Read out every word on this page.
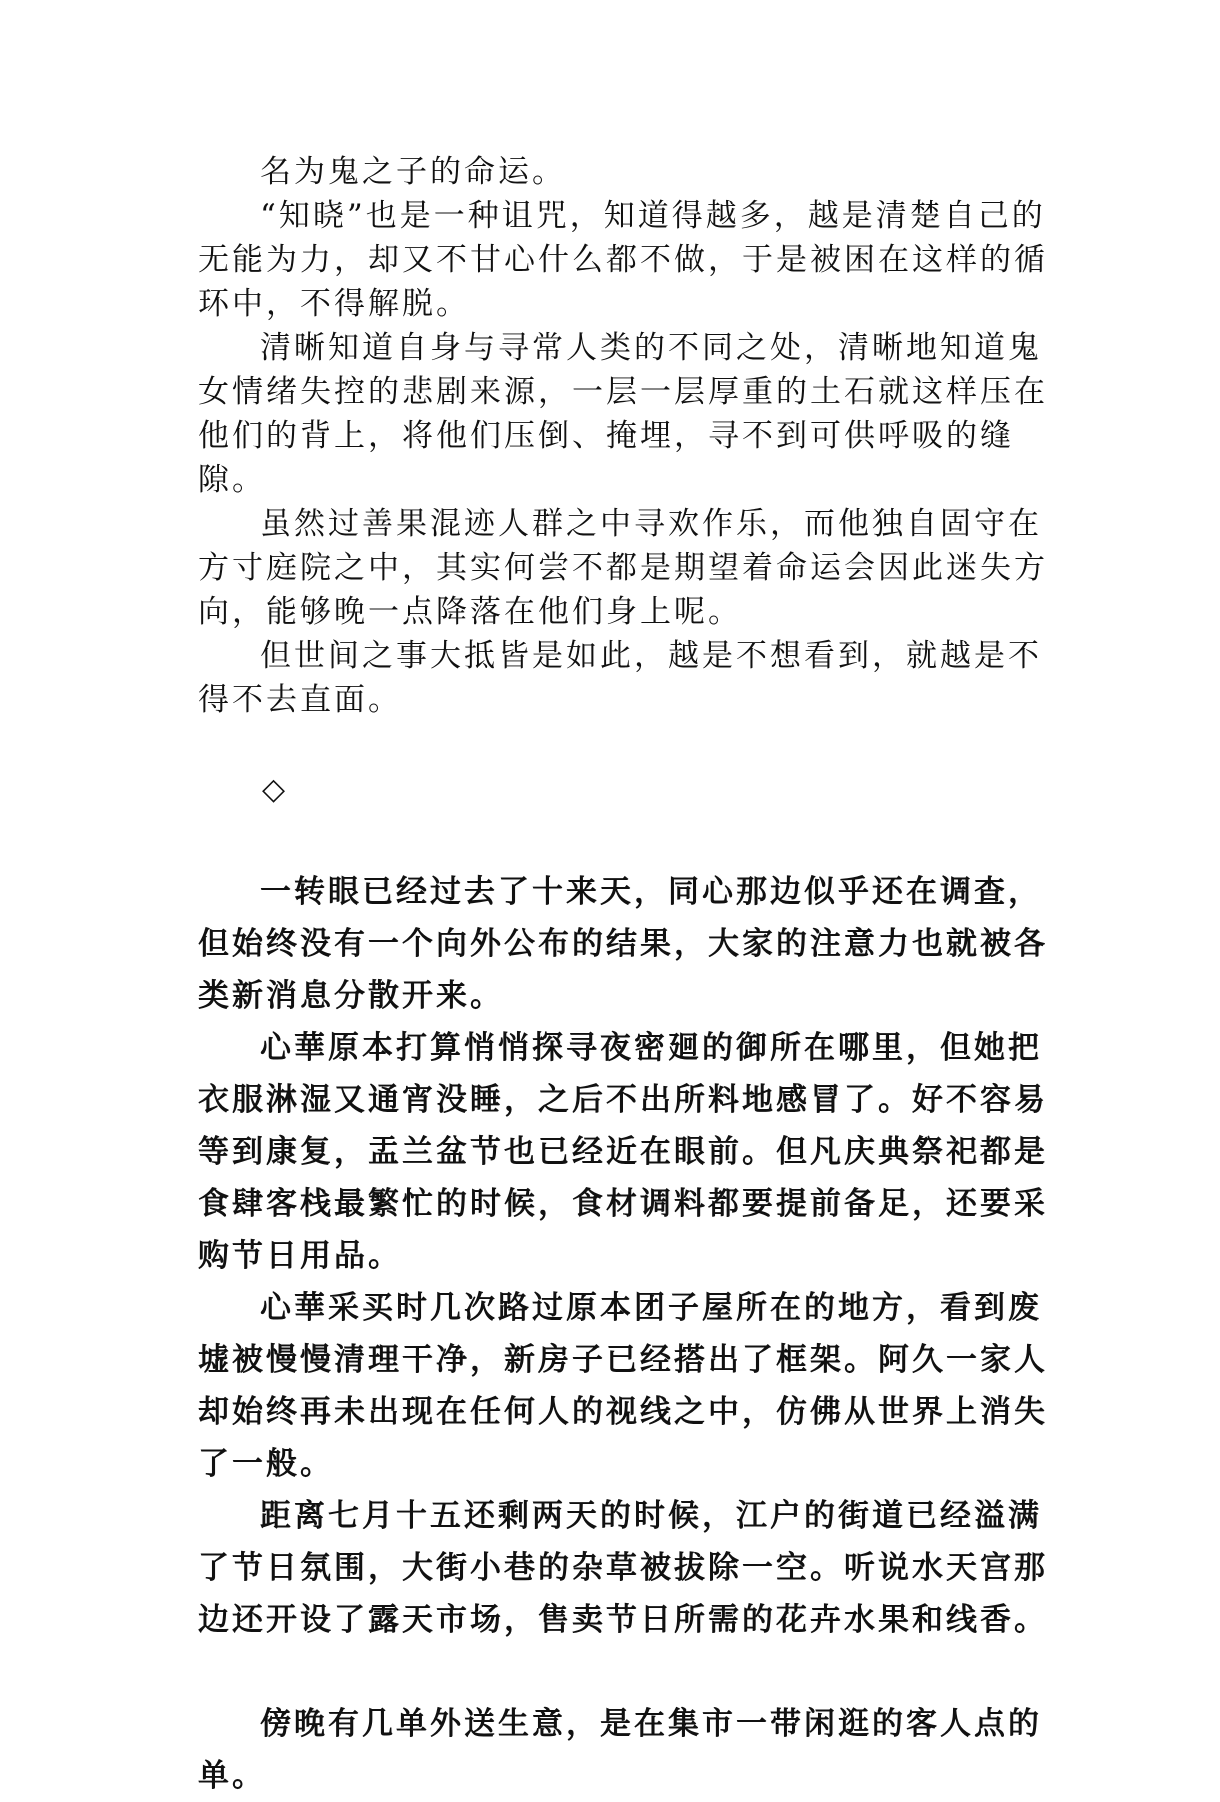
名为鬼之子的命运。

“知晓”也是一种诅咒，知道得越多，越是清楚自己的无能为力，却又不甘心什么都不做，于是被困在这样的循环中，不得解脱。

清晰知道自身与寻常人类的不同之处，清晰地知道鬼女情绪失控的悲剧来源，一层一层厚重的土石就这样压在他们的背上，将他们压倒、掩埋，寻不到可供呼吸的缝隙。

虽然过善果混迹人群之中寻欢作乐，而他独自固守在方寸庭院之中，其实何尝不都是期望着命运会因此迷失方向，能够晚一点降落在他们身上呢。

但世间之事大抵皆是如此，越是不想看到，就越是不得不去直面。

◇

一转眼已经过去了十来天，同心那边似乎还在调查，但始终没有一个向外公布的结果，大家的注意力也就被各类新消息分散开来。

心華原本打算悄悄探寻夜密廻的御所在哪里，但她把衣服淋湿又通宵没睡，之后不出所料地感冒了。好不容易等到康复，盂兰盆节也已经近在眼前。但凡庆典祭祀都是食肆客栈最繁忙的时候，食材调料都要提前备足，还要采购节日用品。

心華采买时几次路过原本团子屋所在的地方，看到废墟被慢慢清理干净，新房子已经搭出了框架。阿久一家人却始终再未出现在任何人的视线之中，仿佛从世界上消失了一般。

距离七月十五还剩两天的时候，江户的街道已经溢满了节日氛围，大街小巷的杂草被拔除一空。听说水天宫那边还开设了露天市场，售卖节日所需的花卉水果和线香。

傍晚有几单外送生意，是在集市一带闲逛的客人点的单。
